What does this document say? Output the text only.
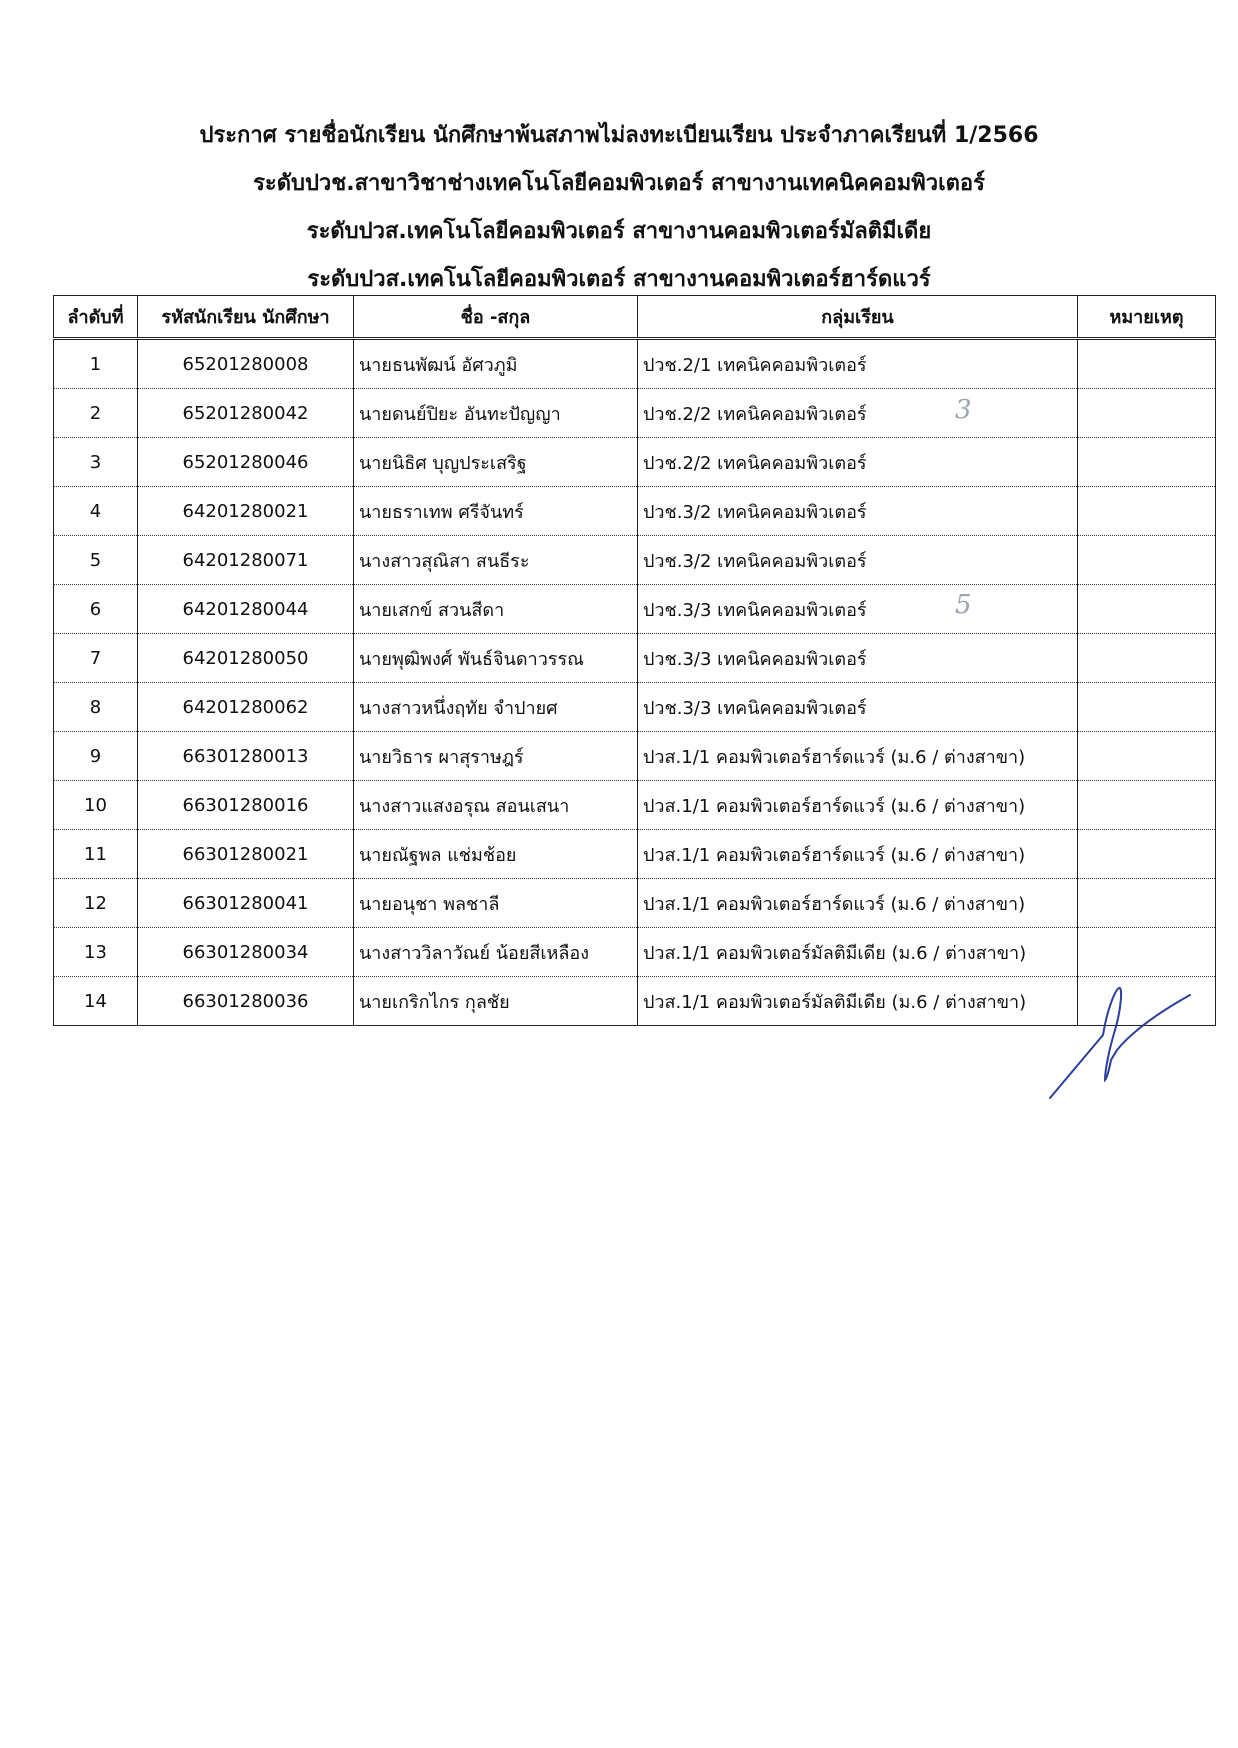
ประกาศ รายชื่อนักเรียน นักศึกษาพ้นสภาพไม่ลงทะเบียนเรียน ประจำภาคเรียนที่ 1/2566
ระดับปวช.สาขาวิชาช่างเทคโนโลยีคอมพิวเตอร์ สาขางานเทคนิคคอมพิวเตอร์
ระดับปวส.เทคโนโลยีคอมพิวเตอร์ สาขางานคอมพิวเตอร์มัลติมีเดีย
ระดับปวส.เทคโนโลยีคอมพิวเตอร์ สาขางานคอมพิวเตอร์ฮาร์ดแวร์
ลำดับที่	รหัสนักเรียน นักศึกษา	ชื่อ -สกุล	กลุ่มเรียน	หมายเหตุ
1	65201280008	นายธนพัฒน์ อัศวภูมิ	ปวช.2/1 เทคนิคคอมพิวเตอร์	
2	65201280042	นายดนย์ปิยะ อันทะปัญญา	ปวช.2/2 เทคนิคคอมพิวเตอร์	
3	65201280046	นายนิธิศ บุญประเสริฐ	ปวช.2/2 เทคนิคคอมพิวเตอร์	
4	64201280021	นายธราเทพ ศรีจันทร์	ปวช.3/2 เทคนิคคอมพิวเตอร์	
5	64201280071	นางสาวสุณิสา สนธีระ	ปวช.3/2 เทคนิคคอมพิวเตอร์	
6	64201280044	นายเสกข์ สวนสีดา	ปวช.3/3 เทคนิคคอมพิวเตอร์	
7	64201280050	นายพุฒิพงศ์ พันธ์จินดาวรรณ	ปวช.3/3 เทคนิคคอมพิวเตอร์	
8	64201280062	นางสาวหนึ่งฤทัย จำปายศ	ปวช.3/3 เทคนิคคอมพิวเตอร์	
9	66301280013	นายวิธาร ผาสุราษฎร์	ปวส.1/1 คอมพิวเตอร์ฮาร์ดแวร์ (ม.6 / ต่างสาขา)	
10	66301280016	นางสาวแสงอรุณ สอนเสนา	ปวส.1/1 คอมพิวเตอร์ฮาร์ดแวร์ (ม.6 / ต่างสาขา)	
11	66301280021	นายณัฐพล แช่มช้อย	ปวส.1/1 คอมพิวเตอร์ฮาร์ดแวร์ (ม.6 / ต่างสาขา)	
12	66301280041	นายอนุชา พลชาลี	ปวส.1/1 คอมพิวเตอร์ฮาร์ดแวร์ (ม.6 / ต่างสาขา)	
13	66301280034	นางสาววิลาวัณย์ น้อยสีเหลือง	ปวส.1/1 คอมพิวเตอร์มัลติมีเดีย (ม.6 / ต่างสาขา)	
14	66301280036	นายเกริกไกร กุลชัย	ปวส.1/1 คอมพิวเตอร์มัลติมีเดีย (ม.6 / ต่างสาขา)	
3
5
